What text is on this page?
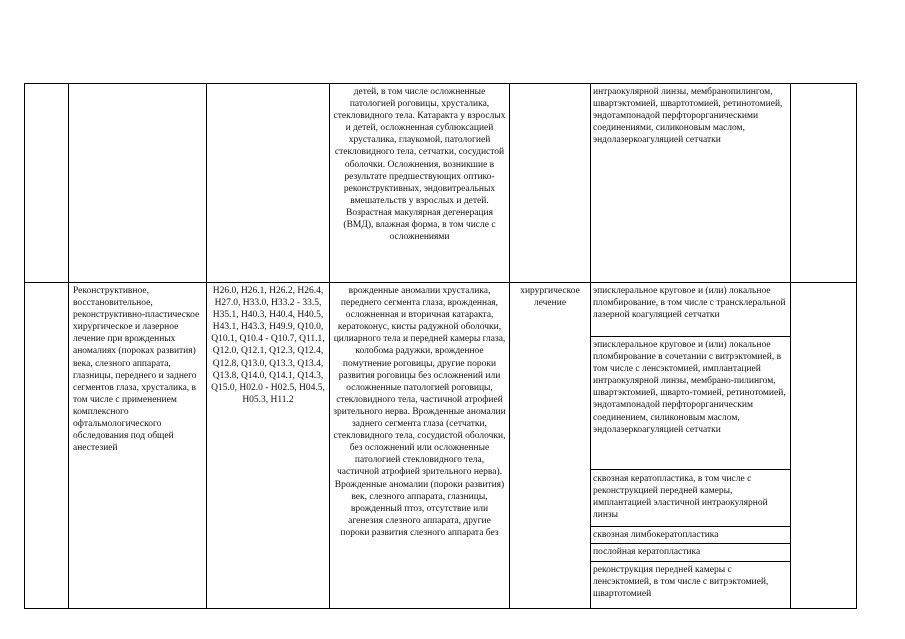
детей, в том числе осложненные патологией роговицы, хрусталика, стекловидного тела. Катаракта у взрослых и детей, осложненная сублюксацией хрусталика, глаукомой, патологией стекловидного тела, сетчатки, сосудистой оболочки. Осложнения, возникшие в результате предшествующих оптико-реконструктивных, эндовитреальных вмешательств у взрослых и детей. Возрастная макулярная дегенерация (ВМД), влажная форма, в том числе с осложнениями
интраокулярной линзы, мембранопилингом, швартэктомией, швартотомией, ретинотомией, эндотампонадой перфторорганическими соединениями, силиконовым маслом, эндолазеркоагуляцией сетчатки
Реконструктивное, восстановительное, реконструктивно-пластическое хирургическое и лазерное лечение при врожденных аномалиях (пороках развития) века, слезного аппарата, глазницы, переднего и заднего сегментов глаза, хрусталика, в том числе с применением комплексного офтальмологического обследования под общей анестезией
H26.0, H26.1, H26.2, H26.4, H27.0, H33.0, H33.2 - 33.5, H35.1, H40.3, H40.4, H40.5, H43.1, H43.3, H49.9, Q10.0, Q10.1, Q10.4 - Q10.7, Q11.1, Q12.0, Q12.1, Q12.3, Q12.4, Q12.8, Q13.0, Q13.3, Q13.4, Q13.8, Q14.0, Q14.1, Q14.3, Q15.0, H02.0 - H02.5, H04.5, H05.3, H11.2
врожденные аномалии хрусталика, переднего сегмента глаза, врожденная, осложненная и вторичная катаракта, кератоконус, кисты радужной оболочки, цилиарного тела и передней камеры глаза, колобома радужки, врожденное помутнение роговицы, другие пороки развития роговицы без осложнений или осложненные патологией роговицы, стекловидного тела, частичной атрофией зрительного нерва. Врожденные аномалии заднего сегмента глаза (сетчатки, стекловидного тела, сосудистой оболочки, без осложнений или осложненные патологией стекловидного тела, частичной атрофией зрительного нерва). Врожденные аномалии (пороки развития) век, слезного аппарата, глазницы, врожденный птоз, отсутствие или агенезия слезного аппарата, другие пороки развития слезного аппарата без
хирургическое лечение
эписклеральное круговое и (или) локальное пломбирование, в том числе с трансклеральной лазерной коагуляцией сетчатки
эписклеральное круговое и (или) локальное пломбирование в сочетании с витрэктомией, в том числе с ленсэктомией, имплантацией интраокулярной линзы, мембрано-пилингом, швартэктомией, шварто-томией, ретинотомией, эндотампонадой перфторорганическим соединением, силиконовым маслом, эндолазеркоагуляцией сетчатки
сквозная кератопластика, в том числе с реконструкцией передней камеры, имплантацией эластичной интраокулярной линзы
сквозная лимбокератопластика
послойная кератопластика
реконструкция передней камеры с ленсэктомией, в том числе с витрэктомией, швартотомией
